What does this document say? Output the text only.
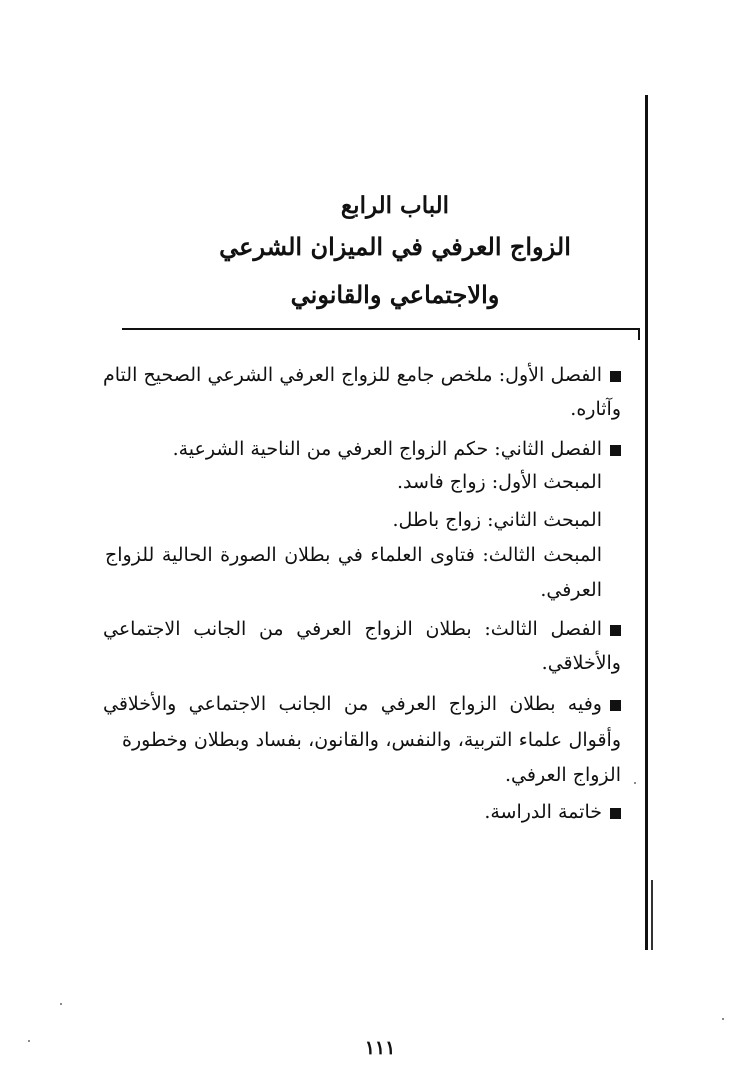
الباب الرابع
الزواج العرفي في الميزان الشرعي
والاجتماعي والقانوني
الفصل الأول: ملخص جامع للزواج العرفي الشرعي الصحيح التام
وآثاره.
الفصل الثاني: حكم الزواج العرفي من الناحية الشرعية.
المبحث الأول: زواج فاسد.
المبحث الثاني: زواج باطل.
المبحث الثالث: فتاوى العلماء في بطلان الصورة الحالية للزواج
العرفي.
الفصل الثالث: بطلان الزواج العرفي من الجانب الاجتماعي
والأخلاقي.
وفيه بطلان الزواج العرفي من الجانب الاجتماعي والأخلاقي
وأقوال علماء التربية، والنفس، والقانون، بفساد وبطلان وخطورة
الزواج العرفي.
خاتمة الدراسة.
١١١
